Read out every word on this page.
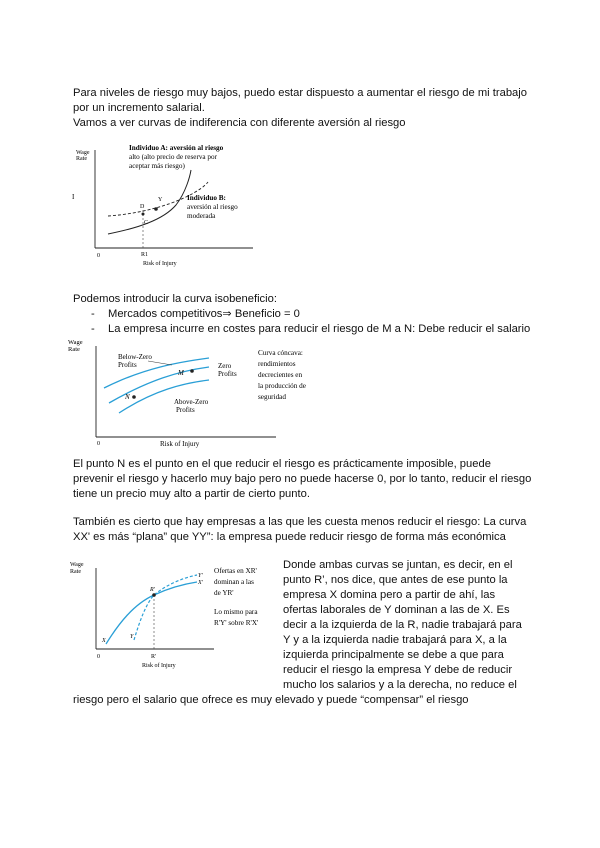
Para niveles de riesgo muy bajos, puedo estar dispuesto a aumentar el riesgo de mi trabajo

por un incremento salarial.

Vamos a ver curvas de indiferencia con diferente aversión al riesgo

Wage
Rate
I
0	R1
Risk of Injury
D
C
Y
Individuo A: aversión al riesgo
alto (alto precio de reserva por
aceptar más riesgo)
Individuo B:
aversión al riesgo
moderada

Podemos introducir la curva isobeneficio:

- Mercados competitivos⇒ Beneficio = 0

- La empresa incurre en costes para reducir el riesgo de M a N: Debe reducir el salario

Wage
Rate
0	Risk of Injury
N
M
Below-Zero
Profits	Zero
Profits
Above-Zero
Profits
Curva cóncava:
rendimientos
decrecientes en
la producción de
seguridad

El punto N es el punto en el que reducir el riesgo es prácticamente imposible, puede

prevenir el riesgo y hacerlo muy bajo pero no puede hacerse 0, por lo tanto, reducir el riesgo

tiene un precio muy alto a partir de cierto punto.

También es cierto que hay empresas a las que les cuesta menos reducir el riesgo: La curva

XX' es más “plana” que YY”: la empresa puede reducir riesgo de forma más económica

Wage
Rate
0	R'
Risk of Injury
R'
X
Y
X'
Y'
Ofertas en XR'
dominan a las
de YR'
Lo mismo para
R'Y' sobre R'X'

Donde ambas curvas se juntan, es decir, en el

punto R’, nos dice, que antes de ese punto la

empresa X domina pero a partir de ahí, las

ofertas laborales de Y dominan a las de X. Es

decir a la izquierda de la R, nadie trabajará para

Y y a la izquierda nadie trabajará para X, a la

izquierda principalmente se debe a que para

reducir el riesgo la empresa Y debe de reducir

mucho los salarios y a la derecha, no reduce el

riesgo pero el salario que ofrece es muy elevado y puede “compensar” el riesgo
